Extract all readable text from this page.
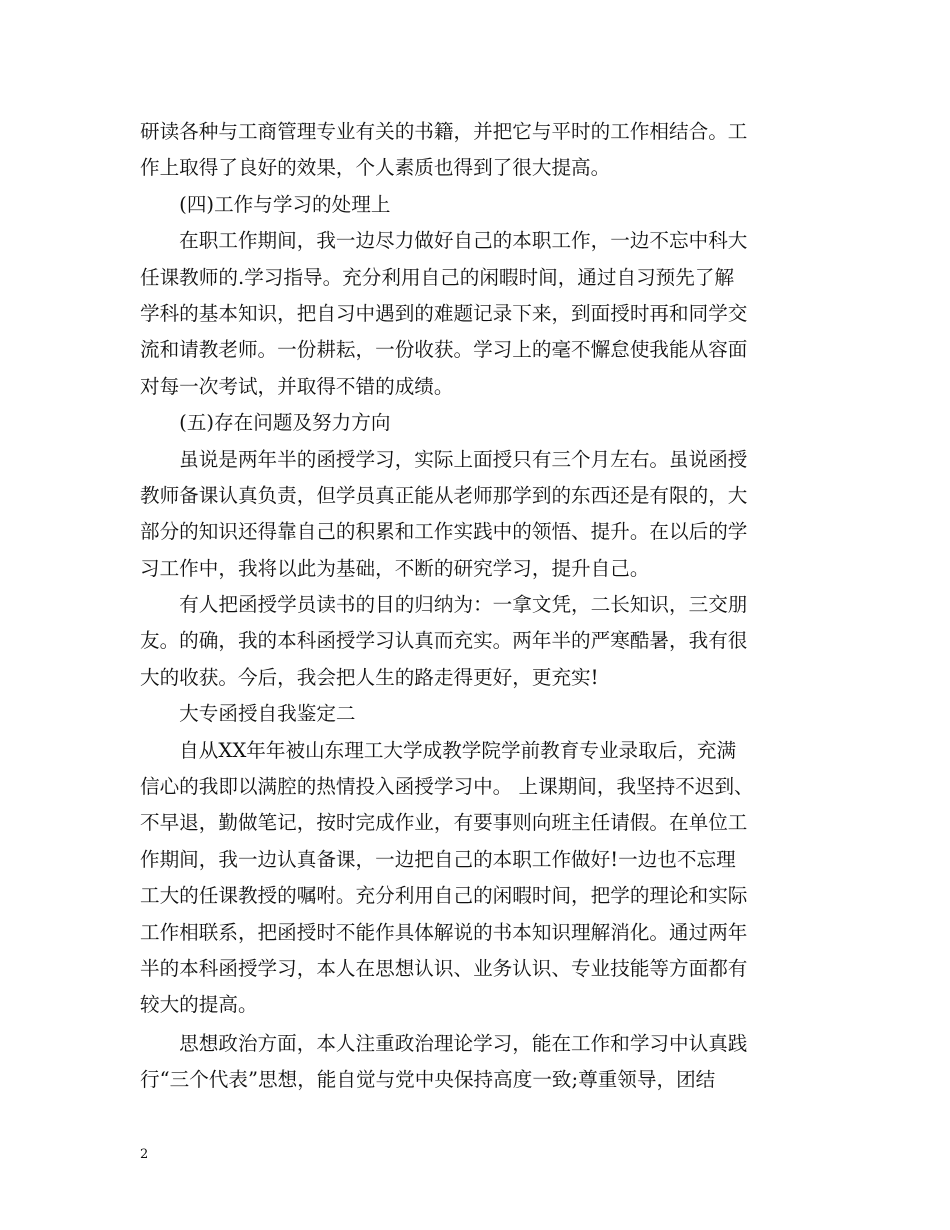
研读各种与工商管理专业有关的书籍，并把它与平时的工作相结合。工
作上取得了良好的效果，个人素质也得到了很大提高。
　　(四)工作与学习的处理上
　　在职工作期间，我一边尽力做好自己的本职工作，一边不忘中科大
任课教师的.学习指导。充分利用自己的闲暇时间，通过自习预先了解
学科的基本知识，把自习中遇到的难题记录下来，到面授时再和同学交
流和请教老师。一份耕耘，一份收获。学习上的毫不懈怠使我能从容面
对每一次考试，并取得不错的成绩。
　　(五)存在问题及努力方向
　　虽说是两年半的函授学习，实际上面授只有三个月左右。虽说函授
教师备课认真负责，但学员真正能从老师那学到的东西还是有限的，大
部分的知识还得靠自己的积累和工作实践中的领悟、提升。在以后的学
习工作中，我将以此为基础，不断的研究学习，提升自己。
　　有人把函授学员读书的目的归纳为：一拿文凭，二长知识，三交朋
友。的确，我的本科函授学习认真而充实。两年半的严寒酷暑，我有很
大的收获。今后，我会把人生的路走得更好，更充实!
　　大专函授自我鉴定二
　　自从XX年年被山东理工大学成教学院学前教育专业录取后，充满
信心的我即以满腔的热情投入函授学习中。 上课期间，我坚持不迟到、
不早退，勤做笔记，按时完成作业，有要事则向班主任请假。在单位工
作期间，我一边认真备课，一边把自己的本职工作做好!一边也不忘理
工大的任课教授的嘱咐。充分利用自己的闲暇时间，把学的理论和实际
工作相联系，把函授时不能作具体解说的书本知识理解消化。通过两年
半的本科函授学习，本人在思想认识、业务认识、专业技能等方面都有
较大的提高。
　　思想政治方面，本人注重政治理论学习，能在工作和学习中认真践
行“三个代表”思想，能自觉与党中央保持高度一致;尊重领导，团结
2
